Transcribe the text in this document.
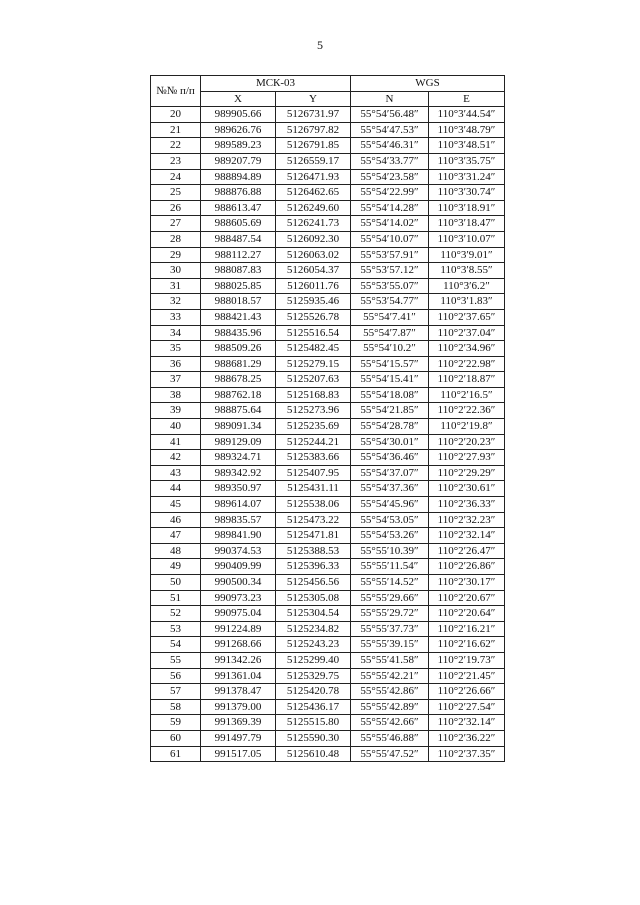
5
№№ п/п	МСК-03		WGS	
	X	Y	N	E
20	989905.66	5126731.97	55°54′56.48″	110°3′44.54″
21	989626.76	5126797.82	55°54′47.53″	110°3′48.79″
22	989589.23	5126791.85	55°54′46.31″	110°3′48.51″
23	989207.79	5126559.17	55°54′33.77″	110°3′35.75″
24	988894.89	5126471.93	55°54′23.58″	110°3′31.24″
25	988876.88	5126462.65	55°54′22.99″	110°3′30.74″
26	988613.47	5126249.60	55°54′14.28″	110°3′18.91″
27	988605.69	5126241.73	55°54′14.02″	110°3′18.47″
28	988487.54	5126092.30	55°54′10.07″	110°3′10.07″
29	988112.27	5126063.02	55°53′57.91″	110°3′9.01″
30	988087.83	5126054.37	55°53′57.12″	110°3′8.55″
31	988025.85	5126011.76	55°53′55.07″	110°3′6.2″
32	988018.57	5125935.46	55°53′54.77″	110°3′1.83″
33	988421.43	5125526.78	55°54′7.41″	110°2′37.65″
34	988435.96	5125516.54	55°54′7.87″	110°2′37.04″
35	988509.26	5125482.45	55°54′10.2″	110°2′34.96″
36	988681.29	5125279.15	55°54′15.57″	110°2′22.98″
37	988678.25	5125207.63	55°54′15.41″	110°2′18.87″
38	988762.18	5125168.83	55°54′18.08″	110°2′16.5″
39	988875.64	5125273.96	55°54′21.85″	110°2′22.36″
40	989091.34	5125235.69	55°54′28.78″	110°2′19.8″
41	989129.09	5125244.21	55°54′30.01″	110°2′20.23″
42	989324.71	5125383.66	55°54′36.46″	110°2′27.93″
43	989342.92	5125407.95	55°54′37.07″	110°2′29.29″
44	989350.97	5125431.11	55°54′37.36″	110°2′30.61″
45	989614.07	5125538.06	55°54′45.96″	110°2′36.33″
46	989835.57	5125473.22	55°54′53.05″	110°2′32.23″
47	989841.90	5125471.81	55°54′53.26″	110°2′32.14″
48	990374.53	5125388.53	55°55′10.39″	110°2′26.47″
49	990409.99	5125396.33	55°55′11.54″	110°2′26.86″
50	990500.34	5125456.56	55°55′14.52″	110°2′30.17″
51	990973.23	5125305.08	55°55′29.66″	110°2′20.67″
52	990975.04	5125304.54	55°55′29.72″	110°2′20.64″
53	991224.89	5125234.82	55°55′37.73″	110°2′16.21″
54	991268.66	5125243.23	55°55′39.15″	110°2′16.62″
55	991342.26	5125299.40	55°55′41.58″	110°2′19.73″
56	991361.04	5125329.75	55°55′42.21″	110°2′21.45″
57	991378.47	5125420.78	55°55′42.86″	110°2′26.66″
58	991379.00	5125436.17	55°55′42.89″	110°2′27.54″
59	991369.39	5125515.80	55°55′42.66″	110°2′32.14″
60	991497.79	5125590.30	55°55′46.88″	110°2′36.22″
61	991517.05	5125610.48	55°55′47.52″	110°2′37.35″
